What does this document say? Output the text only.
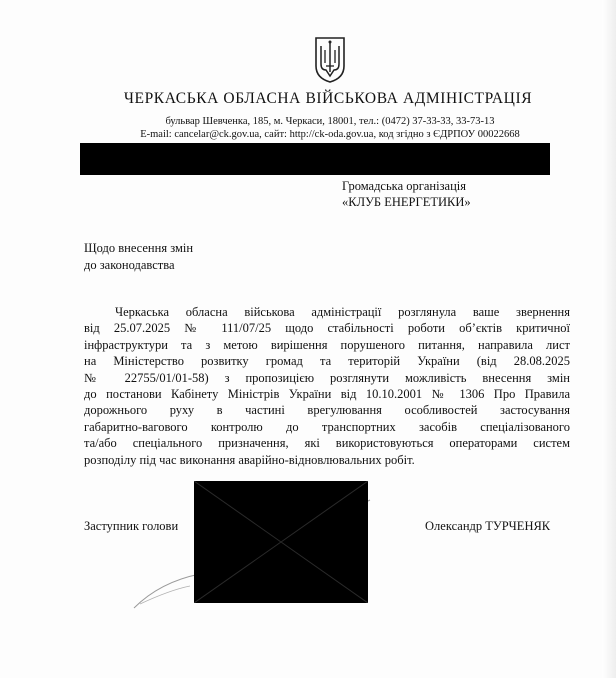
ЧЕРКАСЬКА ОБЛАСНА ВІЙСЬКОВА АДМІНІСТРАЦІЯ
бульвар Шевченка, 185, м. Черкаси, 18001, тел.: (0472) 37-33-33, 33-73-13
E-mail: cancelar@ck.gov.ua, сайт: http://ck-oda.gov.ua, код згідно з ЄДРПОУ 00022668
Громадська організація
«КЛУБ ЕНЕРГЕТИКИ»
Щодо внесення змін
до законодавства
Черкаська обласна військова адміністрації розглянула ваше звернення
від 25.07.2025 № 111/07/25 щодо стабільності роботи об’єктів критичної
інфраструктури та з метою вирішення порушеного питання, направила лист
на Міністерство розвитку громад та територій України (від 28.08.2025
№ 22755/01/01-58) з пропозицією розглянути можливість внесення змін
до постанови Кабінету Міністрів України від 10.10.2001 № 1306 Про Правила
дорожнього руху в частині врегулювання особливостей застосування
габаритно-вагового контролю до транспортних засобів спеціалізованого
та/або спеціального призначення, які використовуються операторами систем
розподілу під час виконання аварійно-відновлювальних робіт.
Заступник голови	Олександр ТУРЧЕНЯК
